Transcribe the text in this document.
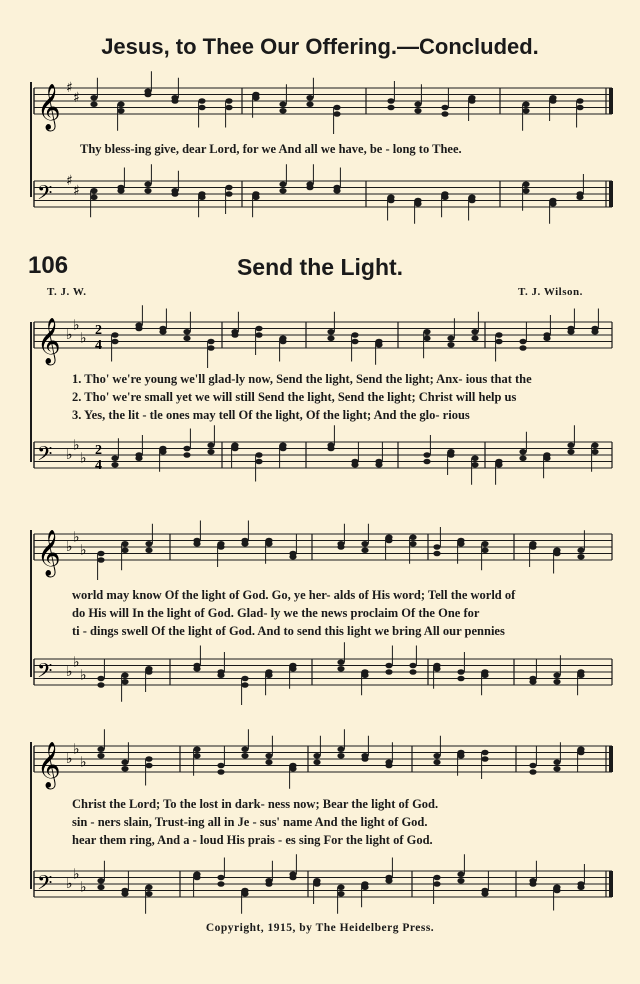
Jesus, to Thee Our Offering.—Concluded.
𝄞 ♯
♯
Thy bless-ing give, dear Lord, for we And all we have, be - long to Thee.
𝄢 ♯
♯
106	Send the Light.
T. J. W.	T. J. Wilson.
𝄞 ♭
♭
♭ 2
4
1. Tho' we're young we'll glad-ly now, Send the light, Send the light; Anx- ious that the
2. Tho' we're small yet we will still Send the light, Send the light; Christ will help us
3. Yes, the lit - tle ones may tell Of the light, Of the light; And the glo- rious
𝄢 ♭
♭
♭ 2
4
𝄞 ♭
♭
♭
world may know Of the light of God. Go, ye her- alds of His word; Tell the world of
do His will In the light of God. Glad- ly we the news proclaim Of the One for
ti - dings swell Of the light of God. And to send this light we bring All our pennies
𝄢 ♭
♭
♭
𝄞 ♭
♭
♭
Christ the Lord; To the lost in dark- ness now; Bear the light of God.
sin - ners slain, Trust-ing all in Je - sus' name And the light of God.
hear them ring, And a - loud His prais - es sing For the light of God.
𝄢 ♭
♭
♭
Copyright, 1915, by The Heidelberg Press.
